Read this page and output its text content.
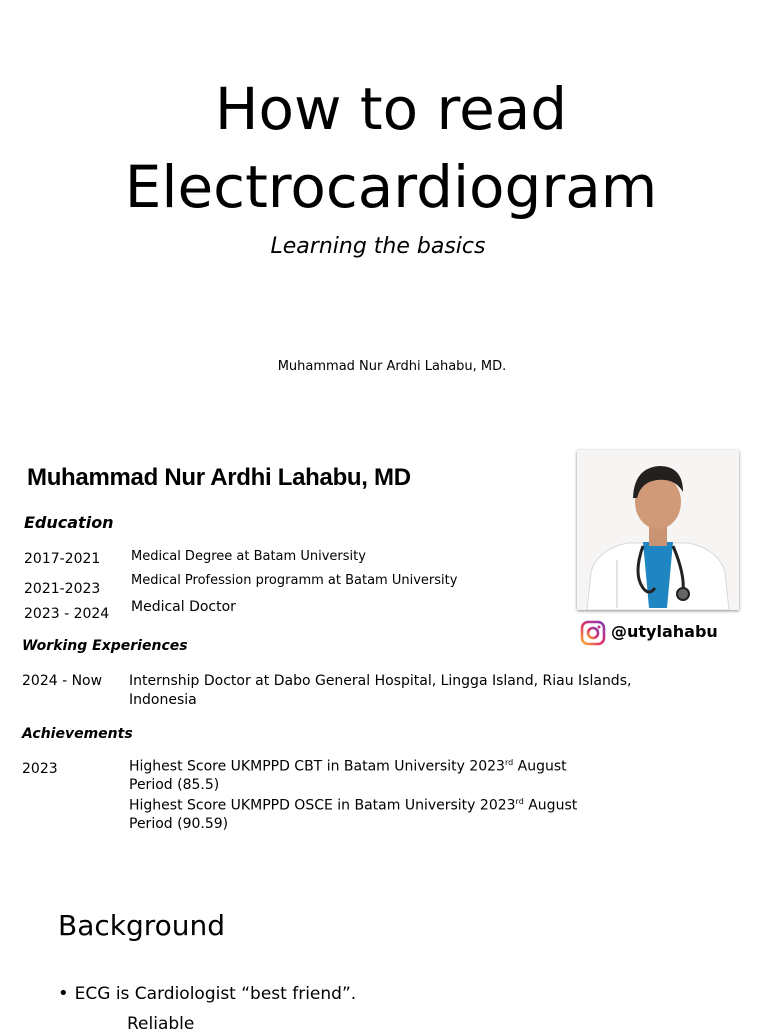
How to read
Electrocardiogram
Learning the basics
Muhammad Nur Ardhi Lahabu, MD.
Muhammad Nur Ardhi Lahabu, MD
Education
2017-2021 Medical Degree at Batam University
2021-2023
Medical Profession programm at Batam University
2023 - 2024 Medical Doctor
Working Experiences
2024 - Now Internship Doctor at Dabo General Hospital, Lingga Island, Riau Islands,
Indonesia
Achievements
2023	Highest Score UKMPPD CBT in Batam University 2023rd August
Period (85.5)
Highest Score UKMPPD OSCE in Batam University 2023rd August
Period (90.59)
@utylahabu
Background
• ECG is Cardiologist “best friend”.
Reliable
